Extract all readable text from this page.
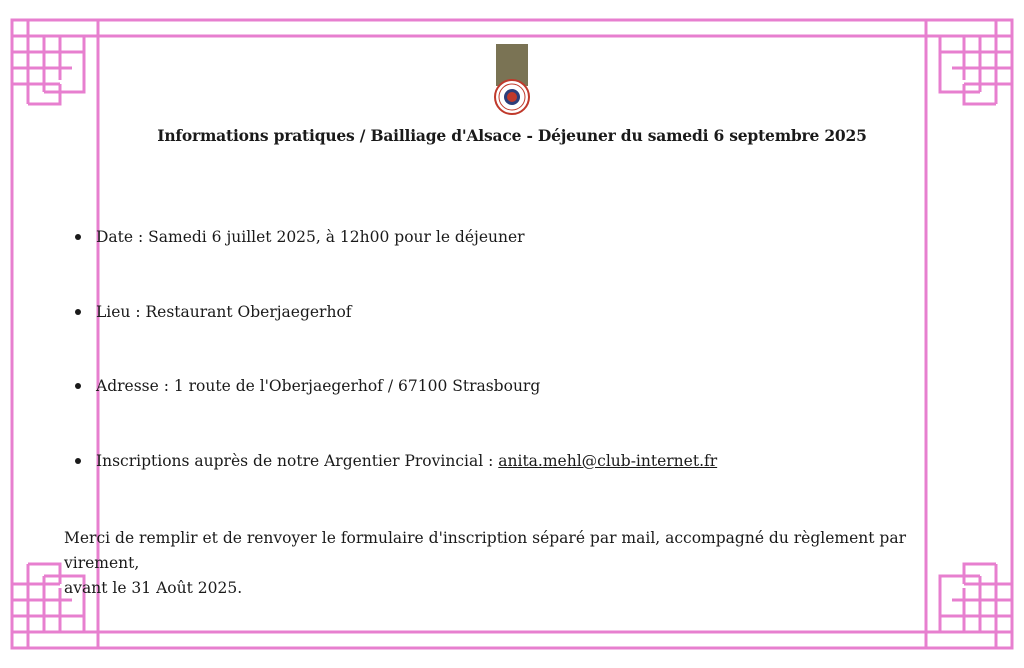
Informations pratiques / Bailliage d'Alsace - Déjeuner du samedi 6 septembre 2025
Date : Samedi 6 juillet 2025, à 12h00 pour le déjeuner
Lieu : Restaurant Oberjaegerhof
Adresse : 1 route de l'Oberjaegerhof / 67100 Strasbourg
Inscriptions auprès de notre Argentier Provincial : anita.mehl@club-internet.fr
Merci de remplir et de renvoyer le formulaire d'inscription séparé par mail, accompagné du règlement par virement,
avant le 31 Août 2025.
